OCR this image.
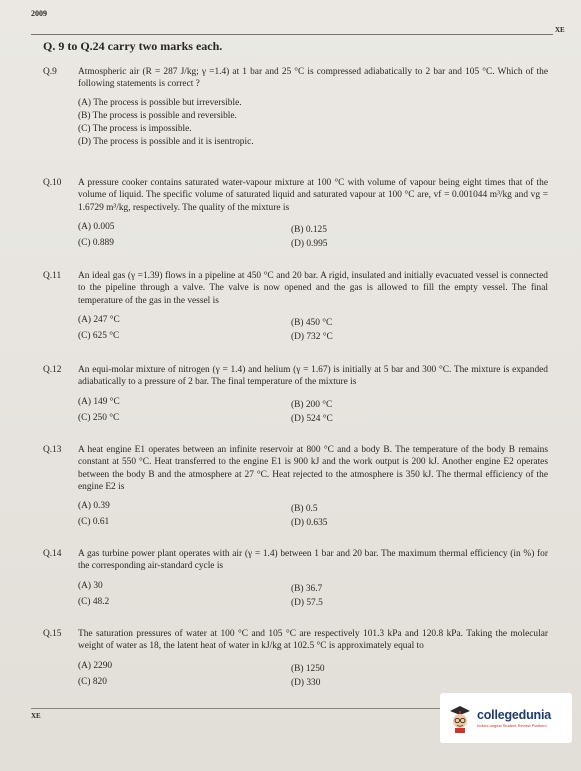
2009
XE
Q. 9 to Q.24 carry two marks each.
Q.9	Atmospheric air (R = 287 J/kg; γ =1.4) at 1 bar and 25 °C is compressed adiabatically to 2 bar and 105 °C. Which of the following statements is correct ?
(A) The process is possible but irreversible.
(B) The process is possible and reversible.
(C) The process is impossible.
(D) The process is possible and it is isentropic.
Q.10	A pressure cooker contains saturated water-vapour mixture at 100 °C with volume of vapour being eight times that of the volume of liquid. The specific volume of saturated liquid and saturated vapour at 100 °C are, vf = 0.001044 m³/kg and vg = 1.6729 m³/kg, respectively. The quality of the mixture is
(A) 0.005	(B) 0.125
(C) 0.889	(D) 0.995
Q.11	An ideal gas (γ =1.39) flows in a pipeline at 450 °C and 20 bar. A rigid, insulated and initially evacuated vessel is connected to the pipeline through a valve. The valve is now opened and the gas is allowed to fill the empty vessel. The final temperature of the gas in the vessel is
(A) 247 °C	(B) 450 °C
(C) 625 °C	(D) 732 °C
Q.12	An equi-molar mixture of nitrogen (γ = 1.4) and helium (γ = 1.67) is initially at 5 bar and 300 °C. The mixture is expanded adiabatically to a pressure of 2 bar. The final temperature of the mixture is
(A) 149 °C	(B) 200 °C
(C) 250 °C	(D) 524 °C
Q.13	A heat engine E1 operates between an infinite reservoir at 800 °C and a body B. The temperature of the body B remains constant at 550 °C. Heat transferred to the engine E1 is 900 kJ and the work output is 200 kJ. Another engine E2 operates between the body B and the atmosphere at 27 °C. Heat rejected to the atmosphere is 350 kJ. The thermal efficiency of the engine E2 is
(A) 0.39	(B) 0.5
(C) 0.61	(D) 0.635
Q.14	A gas turbine power plant operates with air (γ = 1.4) between 1 bar and 20 bar. The maximum thermal efficiency (in %) for the corresponding air-standard cycle is
(A) 30	(B) 36.7
(C) 48.2	(D) 57.5
Q.15	The saturation pressures of water at 100 °C and 105 °C are respectively 101.3 kPa and 120.8 kPa. Taking the molecular weight of water as 18, the latent heat of water in kJ/kg at 102.5 °C is approximately equal to
(A) 2290	(B) 1250
(C) 820	(D) 330
XE	collegedunia
India's largest Student Review Platform
